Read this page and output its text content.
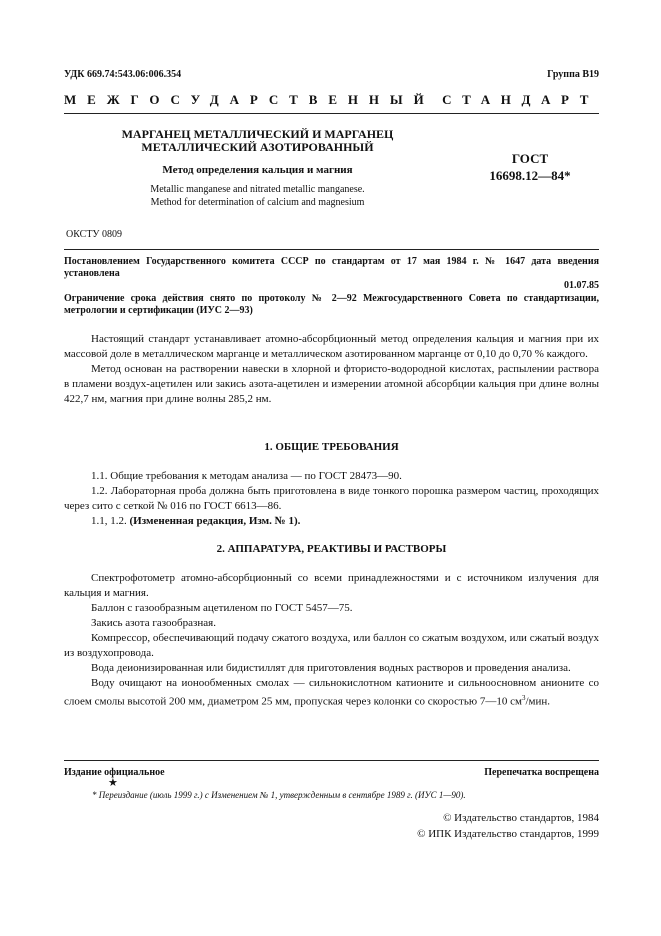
УДК 669.74:543.06:006.354	Группа В19
МЕЖГОСУДАРСТВЕННЫЙ СТАНДАРТ
МАРГАНЕЦ МЕТАЛЛИЧЕСКИЙ И МАРГАНЕЦ
МЕТАЛЛИЧЕСКИЙ АЗОТИРОВАННЫЙ
Метод определения кальция и магния
Metallic manganese and nitrated metallic manganese.
Method for determination of calcium and magnesium
ГОСТ
16698.12—84*
ОКСТУ 0809
Постановлением Государственного комитета СССР по стандартам от 17 мая 1984 г. № 1647 дата введения установлена
01.07.85
Ограничение срока действия снято по протоколу № 2—92 Межгосударственного Совета по стандартизации, метрологии и сертификации (ИУС 2—93)

Настоящий стандарт устанавливает атомно-абсорбционный метод определения кальция и магния при их массовой доле в металлическом марганце и металлическом азотированном марганце от 0,10 до 0,70 % каждого.

Метод основан на растворении навески в хлорной и фтористо-водородной кислотах, распылении раствора в пламени воздух-ацетилен или закись азота-ацетилен и измерении атомной абсорбции кальция при длине волны 422,7 нм, магния при длине волны 285,2 нм.

1. ОБЩИЕ ТРЕБОВАНИЯ

1.1. Общие требования к методам анализа — по ГОСТ 28473—90.

1.2. Лабораторная проба должна быть приготовлена в виде тонкого порошка размером частиц, проходящих через сито с сеткой № 016 по ГОСТ 6613—86.

1.1, 1.2. (Измененная редакция, Изм. № 1).

2. АППАРАТУРА, РЕАКТИВЫ И РАСТВОРЫ

Спектрофотометр атомно-абсорбционный со всеми принадлежностями и с источником излучения для кальция и магния.

Баллон с газообразным ацетиленом по ГОСТ 5457—75.

Закись азота газообразная.

Компрессор, обеспечивающий подачу сжатого воздуха, или баллон со сжатым воздухом, или сжатый воздух из воздухопровода.

Вода деионизированная или бидистиллят для приготовления водных растворов и проведения анализа.

Воду очищают на ионообменных смолах — сильнокислотном катионите и сильноосновном анионите со слоем смолы высотой 200 мм, диаметром 25 мм, пропуская через колонки со скоростью 7—10 $см^3$/мин.

Издание официальное	Перепечатка воспрещена
★
* Переиздание (июль 1999 г.) с Изменением № 1, утвержденным в сентябре 1989 г. (ИУС 1—90).
© Издательство стандартов, 1984
© ИПК Издательство стандартов, 1999
